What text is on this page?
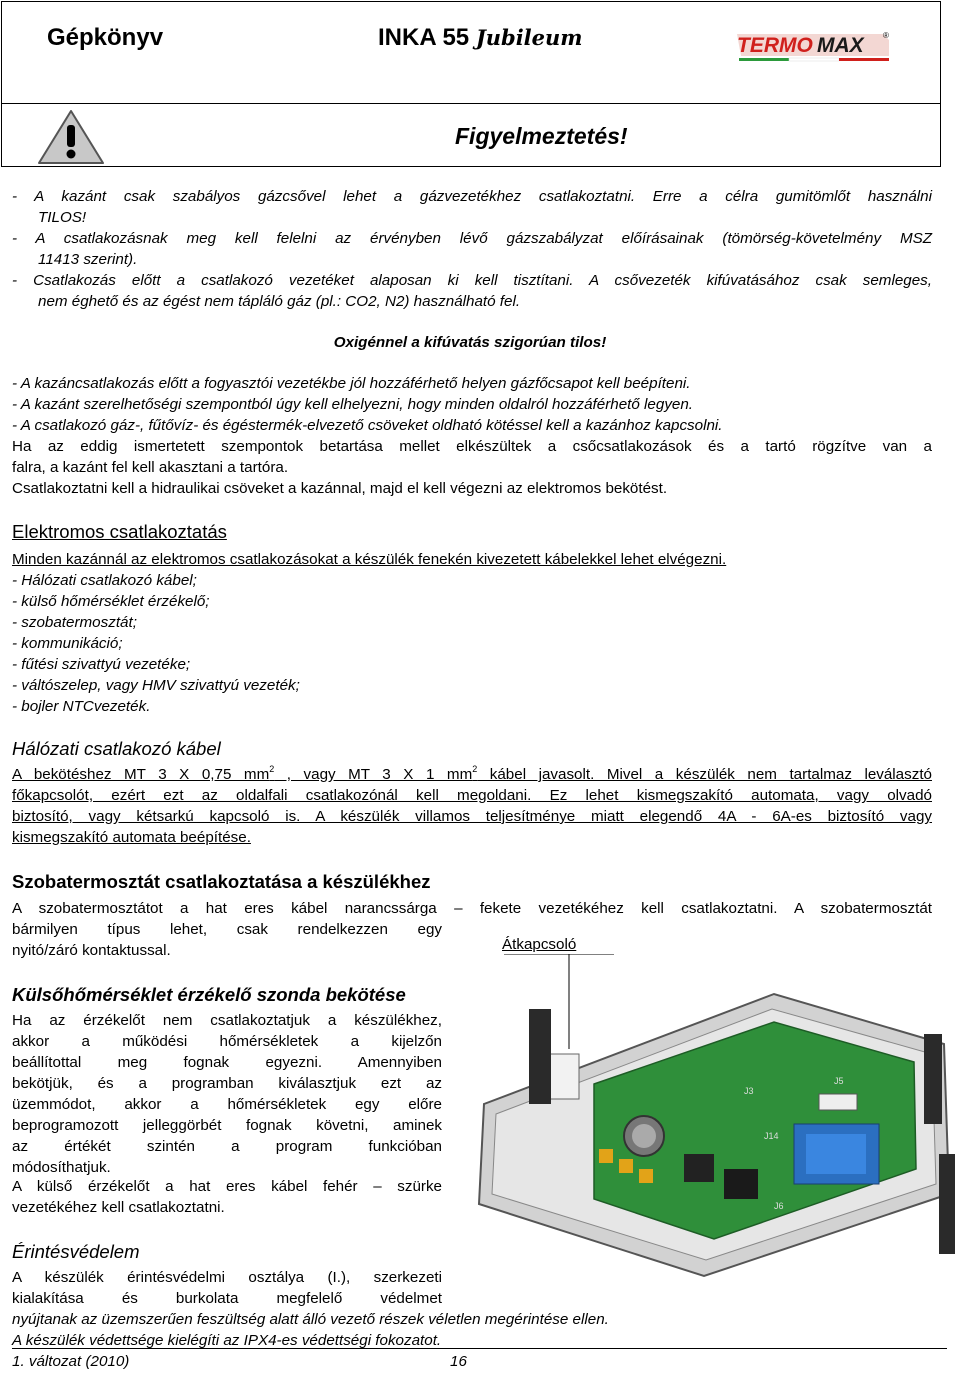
Gépkönyv	INKA 55 Jubileum	TERMO MAX ®
Figyelmeztetés!

- A kazánt csak szabályos gázcsővel lehet a gázvezetékhez csatlakoztatni. Erre a célra gumitömlőt használni

TILOS!

- A csatlakozásnak meg kell felelni az érvényben lévő gázszabályzat előírásainak (tömörség-követelmény MSZ

11413 szerint).

- Csatlakozás előtt a csatlakozó vezetéket alaposan ki kell tisztítani. A csővezeték kifúvatásához csak semleges,

nem éghető és az égést nem tápláló gáz (pl.: CO2, N2) használható fel.

Oxigénnel a kifúvatás szigorúan tilos!

- A kazáncsatlakozás előtt a fogyasztói vezetékbe jól hozzáférhető helyen gázfőcsapot kell beépíteni.

- A kazánt szerelhetőségi szempontból úgy kell elhelyezni, hogy minden oldalról hozzáférhető legyen.

- A csatlakozó gáz-, fűtővíz- és égéstermék-elvezető csöveket oldható kötéssel kell a kazánhoz kapcsolni.

Ha az eddig ismertetett szempontok betartása mellet elkészültek a csőcsatlakozások és a tartó rögzítve van a

falra, a kazánt fel kell akasztani a tartóra.

Csatlakoztatni kell a hidraulikai csöveket a kazánnal, majd el kell végezni az elektromos bekötést.

Elektromos csatlakoztatás

Minden kazánnál az elektromos csatlakozásokat a készülék fenekén kivezetett kábelekkel lehet elvégezni.

- Hálózati csatlakozó kábel;

- külső hőmérséklet érzékelő;

- szobatermosztát;

- kommunikáció;

- fűtési szivattyú vezetéke;

- váltószelep, vagy HMV szivattyú vezeték;

- bojler NTCvezeték.

Hálózati csatlakozó kábel

A bekötéshez MT 3 X 0,75 $mm^2$ , vagy MT 3 X 1 $mm^2$ kábel javasolt. Mivel a készülék nem tartalmaz leválasztó

főkapcsolót, ezért ezt az oldalfali csatlakozónál kell megoldani. Ez lehet kismegszakító automata, vagy olvadó

biztosító, vagy kétsarkú kapcsoló is. A készülék villamos teljesítménye miatt elegendő 4A - 6A-es biztosító vagy

kismegszakító automata beépítése.

Szobatermosztát csatlakoztatása a készülékhez

A szobatermosztátot a hat eres kábel narancssárga – fekete vezetékéhez kell csatlakoztatni. A szobatermosztát

bármilyen típus lehet, csak rendelkezzen egy

nyitó/záró kontaktussal.	Átkapcsoló

Külsőhőmérséklet érzékelő szonda bekötése

Ha az érzékelőt nem csatlakoztatjuk a készülékhez,

akkor a működési hőmérsékletek a kijelzőn

beállítottal meg fognak egyezni. Amennyiben

bekötjük, és a programban kiválasztjuk ezt az

üzemmódot, akkor a hőmérsékletek egy előre

beprogramozott jelleggörbét fognak követni, aminek

az értékét szintén a program funkcióban

módosíthatjuk.

A külső érzékelőt a hat eres kábel fehér – szürke

vezetékéhez kell csatlakoztatni.

Érintésvédelem

A készülék érintésvédelmi osztálya (I.), szerkezeti

kialakítása és burkolata megfelelő védelmet

nyújtanak az üzemszerűen feszültség alatt álló vezető részek véletlen megérintése ellen.

A készülék védettsége kielégíti az IPX4-es védettségi fokozatot.

J3
J5
J14
J6
1. változat (2010)	16
